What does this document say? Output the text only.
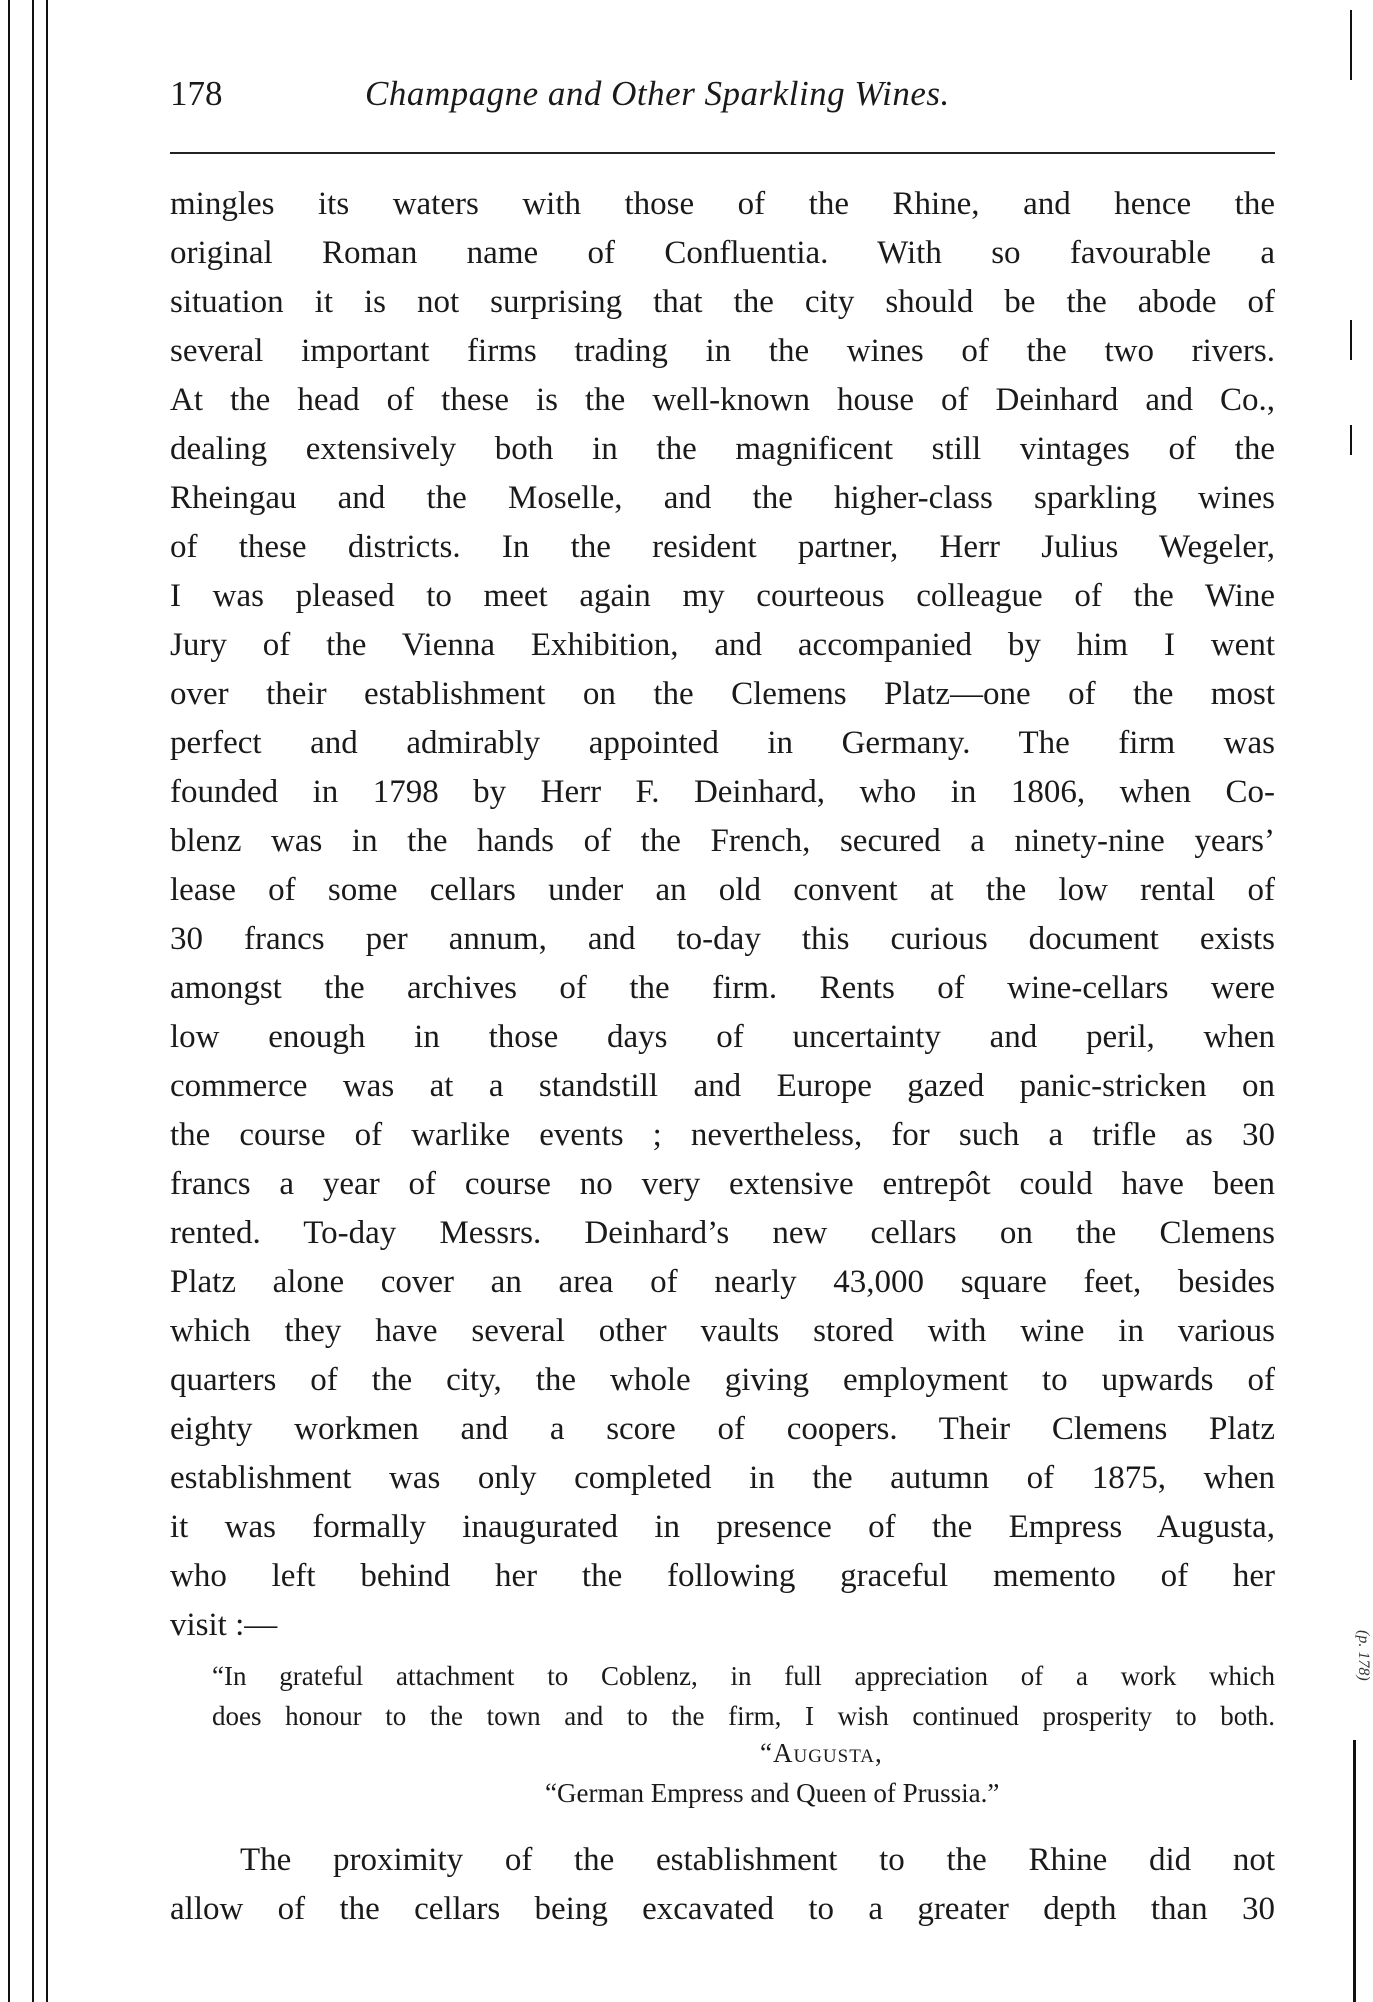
178	Champagne and Other Sparkling Wines.
mingles its waters with those of the Rhine, and hence the
original Roman name of Confluentia. With so favourable a
situation it is not surprising that the city should be the abode of
several important firms trading in the wines of the two rivers.
At the head of these is the well-known house of Deinhard and Co.,
dealing extensively both in the magnificent still vintages of the
Rheingau and the Moselle, and the higher-class sparkling wines
of these districts. In the resident partner, Herr Julius Wegeler,
I was pleased to meet again my courteous colleague of the Wine
Jury of the Vienna Exhibition, and accompanied by him I went
over their establishment on the Clemens Platz—one of the most
perfect and admirably appointed in Germany. The firm was
founded in 1798 by Herr F. Deinhard, who in 1806, when Co-
blenz was in the hands of the French, secured a ninety-nine years’
lease of some cellars under an old convent at the low rental of
30 francs per annum, and to-day this curious document exists
amongst the archives of the firm. Rents of wine-cellars were
low enough in those days of uncertainty and peril, when
commerce was at a standstill and Europe gazed panic-stricken on
the course of warlike events ; nevertheless, for such a trifle as 30
francs a year of course no very extensive entrepôt could have been
rented. To-day Messrs. Deinhard’s new cellars on the Clemens
Platz alone cover an area of nearly 43,000 square feet, besides
which they have several other vaults stored with wine in various
quarters of the city, the whole giving employment to upwards of
eighty workmen and a score of coopers. Their Clemens Platz
establishment was only completed in the autumn of 1875, when
it was formally inaugurated in presence of the Empress Augusta,
who left behind her the following graceful memento of her
visit :—
“In grateful attachment to Coblenz, in full appreciation of a work which
does honour to the town and to the firm, I wish continued prosperity to both.
“Augusta,
“German Empress and Queen of Prussia.”
The proximity of the establishment to the Rhine did not
allow of the cellars being excavated to a greater depth than 30
(p. 178)
